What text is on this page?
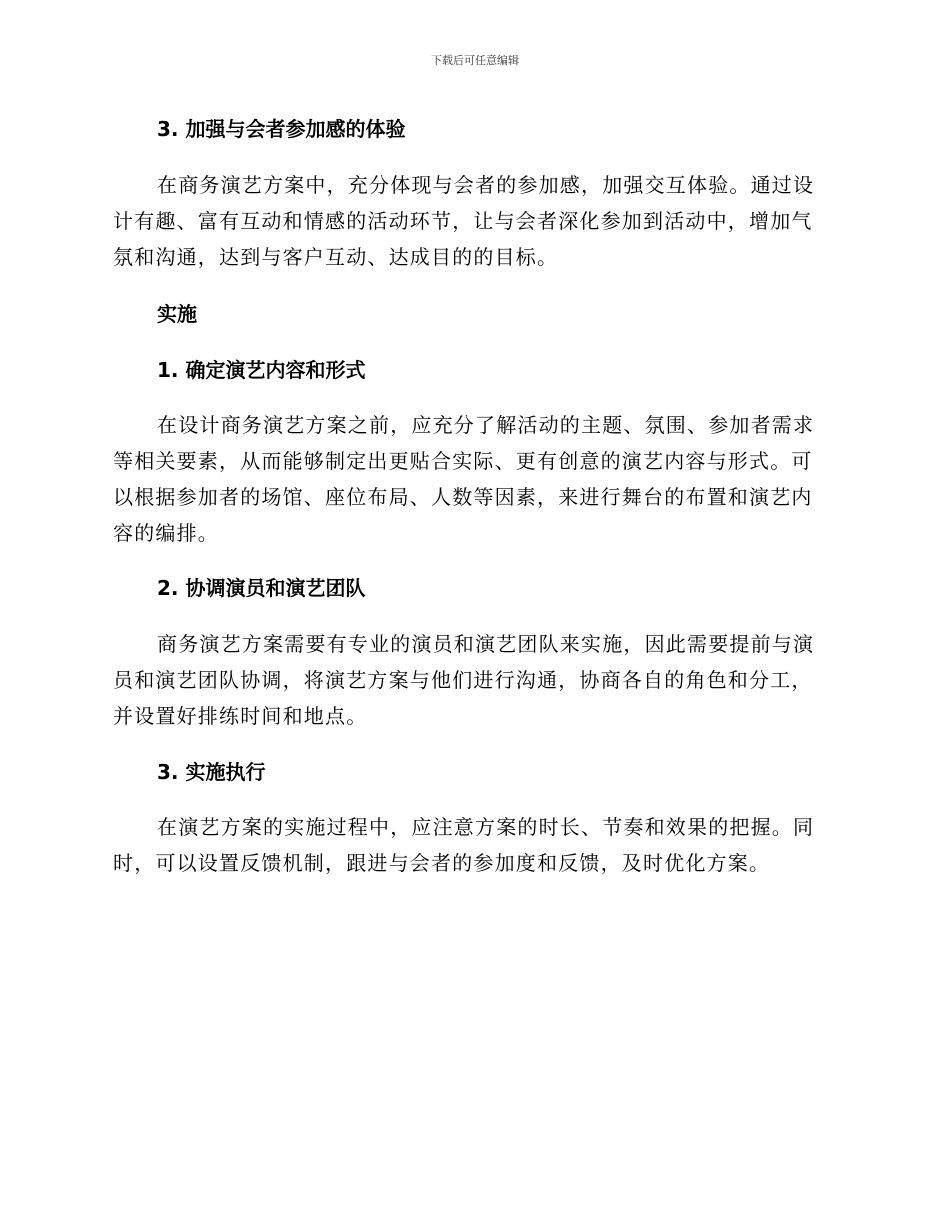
下载后可任意编辑
3. 加强与会者参加感的体验

在商务演艺方案中，充分体现与会者的参加感，加强交互体验。通过设计有趣、富有互动和情感的活动环节，让与会者深化参加到活动中，增加气氛和沟通，达到与客户互动、达成目的的目标。

实施
1. 确定演艺内容和形式

在设计商务演艺方案之前，应充分了解活动的主题、氛围、参加者需求等相关要素，从而能够制定出更贴合实际、更有创意的演艺内容与形式。可以根据参加者的场馆、座位布局、人数等因素，来进行舞台的布置和演艺内容的编排。

2. 协调演员和演艺团队

商务演艺方案需要有专业的演员和演艺团队来实施，因此需要提前与演员和演艺团队协调，将演艺方案与他们进行沟通，协商各自的角色和分工，并设置好排练时间和地点。

3. 实施执行

在演艺方案的实施过程中，应注意方案的时长、节奏和效果的把握。同时，可以设置反馈机制，跟进与会者的参加度和反馈，及时优化方案。
